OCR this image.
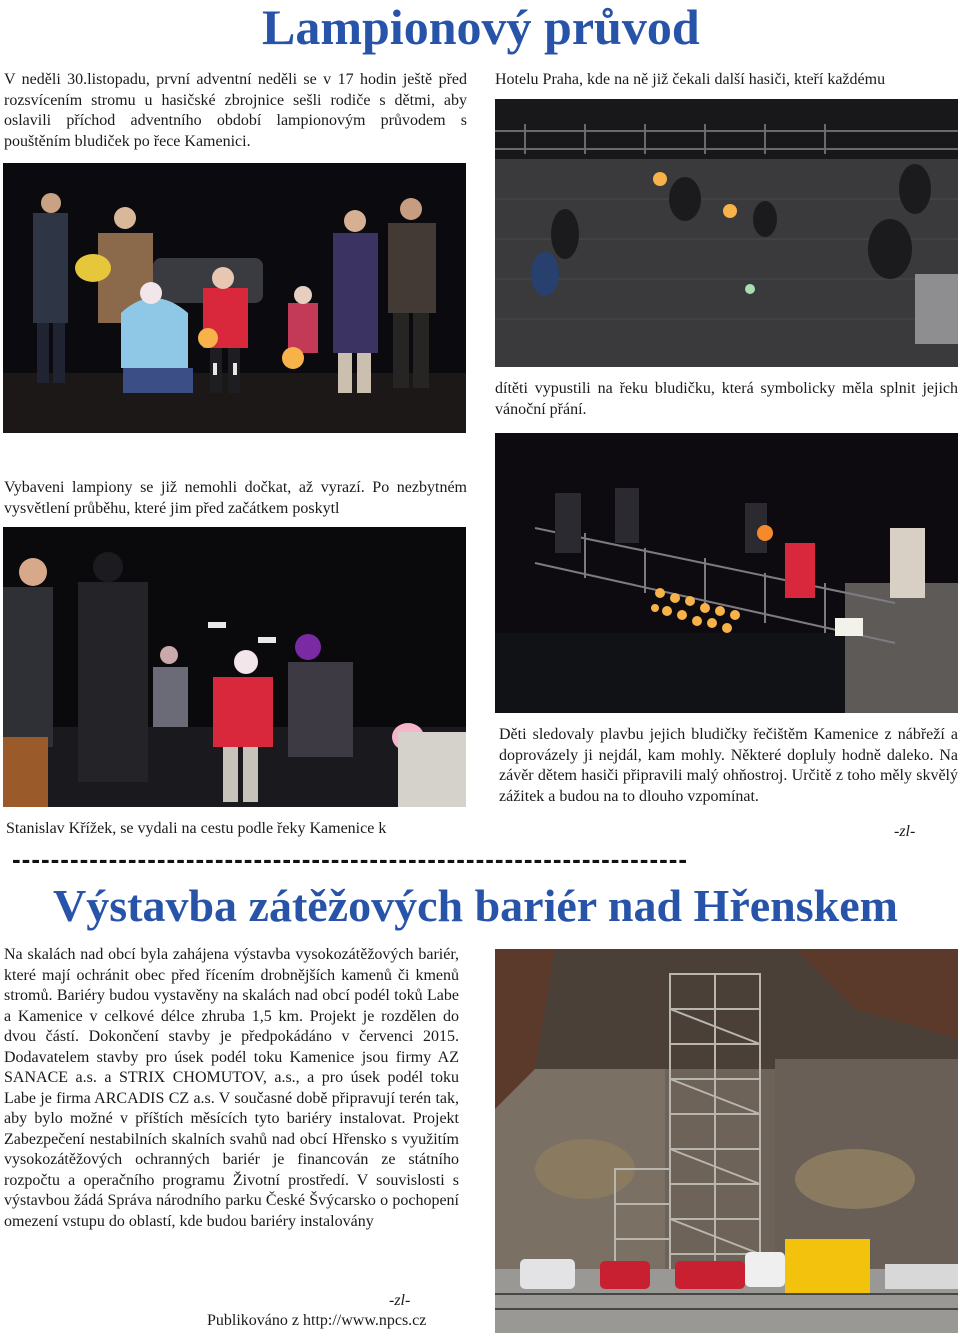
Lampionový průvod
V neděli 30.listopadu, první adventní neděli se v 17 hodin ještě před rozsvícením stromu u hasičské zbrojnice sešli rodiče s dětmi, aby oslavili příchod adventního období lampionovým průvodem s pouštěním bludiček po řece Kamenici.
Hotelu Praha, kde na ně již čekali další hasiči, kteří každému
dítěti vypustili na řeku bludičku, která symbolicky měla splnit jejich vánoční přání.
Vybaveni lampiony se již nemohli dočkat, až vyrazí. Po nezbytném vysvětlení průběhu, které jim před začátkem poskytl
Děti sledovaly plavbu jejich bludičky řečištěm Kamenice z nábřeží a doprovázely ji nejdál, kam mohly. Některé dopluly hodně daleko. Na závěr dětem hasiči připravili malý ohňostroj. Určitě z toho měly skvělý zážitek a budou na to dlouho vzpomínat.
Stanislav Křížek, se vydali na cestu podle řeky Kamenice k	-zl-
----------------------------------------------------------------------
Výstavba zátěžových bariér nad Hřenskem
Na skalách nad obcí byla zahájena výstavba vysokozátěžových bariér, které mají ochránit obec před řícením drobnějších kamenů či kmenů stromů. Bariéry budou vystavěny na skalách nad obcí podél toků Labe a Kamenice v celkové délce zhruba 1,5 km. Projekt je rozdělen do dvou částí. Dokončení stavby je předpokádáno v červenci 2015. Dodavatelem stavby pro úsek podél toku Kamenice jsou firmy AZ SANACE a.s. a STRIX CHOMUTOV, a.s., a pro úsek podél toku Labe je firma ARCADIS CZ a.s. V současné době připravují terén tak, aby bylo možné v příštích měsících tyto bariéry instalovat. Projekt Zabezpečení nestabilních skalních svahů nad obcí Hřensko s využitím vysokozátěžových ochranných bariér je financován ze státního rozpočtu a operačního programu Životní prostředí. V souvislosti s výstavbou žádá Správa národního parku České Švýcarsko o pochopení omezení vstupu do oblastí, kde budou bariéry instalovány
-zl-
Publikováno z http://www.npcs.cz
